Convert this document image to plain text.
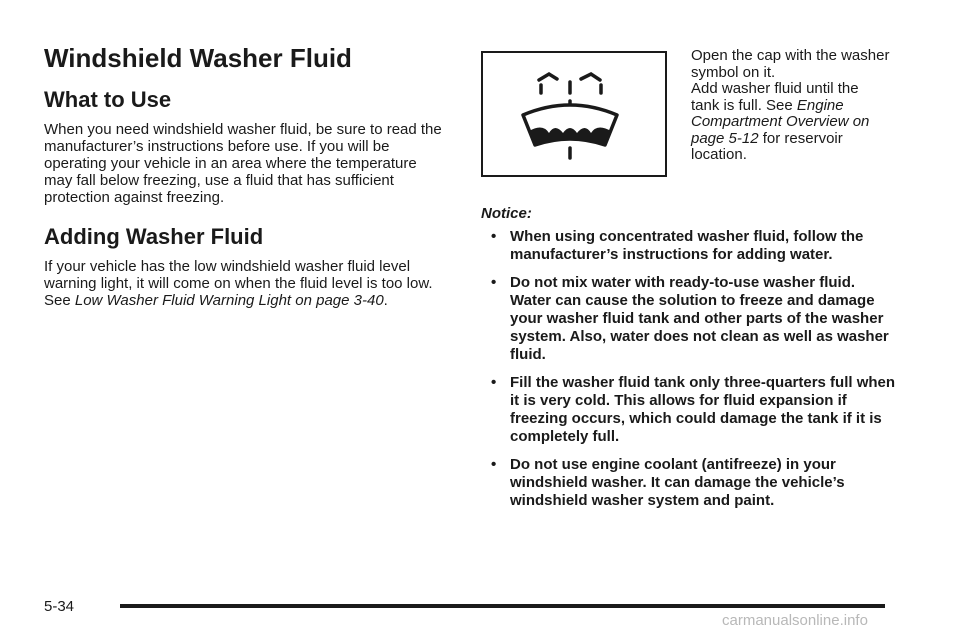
Windshield Washer Fluid
What to Use

When you need windshield washer fluid, be sure to read the manufacturer’s instructions before use. If you will be operating your vehicle in an area where the temperature may fall below freezing, use a fluid that has sufficient protection against freezing.

Adding Washer Fluid

If your vehicle has the low windshield washer fluid level warning light, it will come on when the fluid level is too low. See Low Washer Fluid Warning Light on page 3-40.

Open the cap with the washer symbol on it.
Add washer fluid until the tank is full. See Engine Compartment Overview on page 5-12 for reservoir location.

Notice:

• When using concentrated washer fluid, follow the manufacturer’s instructions for adding water.
• Do not mix water with ready-to-use washer fluid. Water can cause the solution to freeze and damage your washer fluid tank and other parts of the washer system. Also, water does not clean as well as washer fluid.
• Fill the washer fluid tank only three-quarters full when it is very cold. This allows for fluid expansion if freezing occurs, which could damage the tank if it is completely full.
• Do not use engine coolant (antifreeze) in your windshield washer. It can damage the vehicle’s windshield washer system and paint.

5-34

carmanualsonline.info
